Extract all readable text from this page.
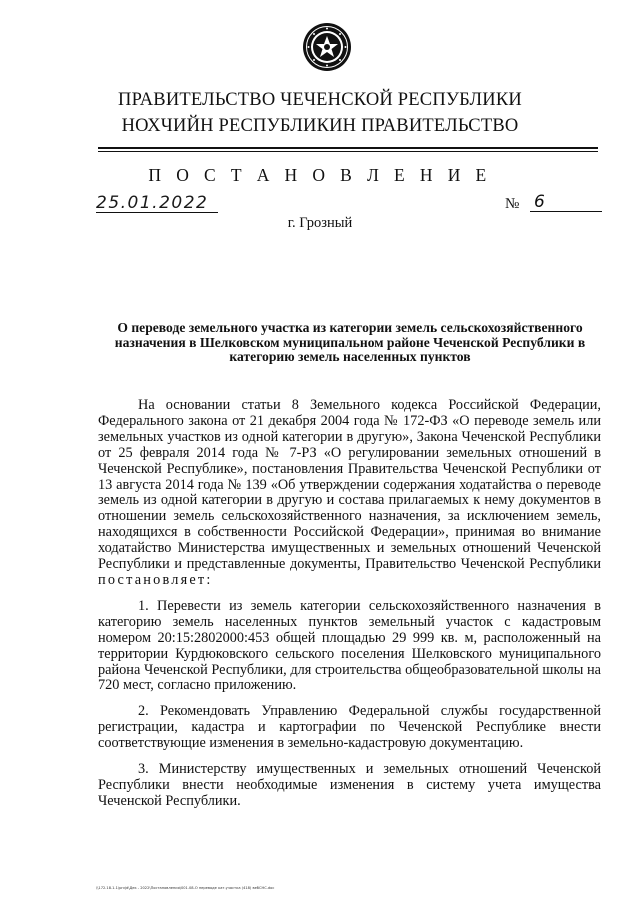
ПРАВИТЕЛЬСТВО ЧЕЧЕНСКОЙ РЕСПУБЛИКИ
НОХЧИЙН РЕСПУБЛИКИН ПРАВИТЕЛЬСТВО
П О С Т А Н О В Л Е Н И Е
25.01.2022	№ 6
г. Грозный
О переводе земельного участка из категории земель сельскохозяйственного назначения в Шелковском муниципальном районе Чеченской Республики в категорию земель населенных пунктов

На основании статьи 8 Земельного кодекса Российской Федерации, Федерального закона от 21 декабря 2004 года № 172-ФЗ «О переводе земель или земельных участков из одной категории в другую», Закона Чеченской Республики от 25 февраля 2014 года № 7-РЗ «О регулировании земельных отношений в Чеченской Республике», постановления Правительства Чеченской Республики от 13 августа 2014 года № 139 «Об утверждении содержания ходатайства о переводе земель из одной категории в другую и состава прилагаемых к нему документов в отношении земель сельскохозяйственного назначения, за исключением земель, находящихся в собственности Российской Федерации», принимая во внимание ходатайство Министерства имущественных и земельных отношений Чеченской Республики и представленные документы, Правительство Чеченской Республики постановляет:

1. Перевести из земель категории сельскохозяйственного назначения в категорию земель населенных пунктов земельный участок с кадастровым номером 20:15:2802000:453 общей площадью 29 999 кв. м, расположенный на территории Курдюковского сельского поселения Шелковского муниципального района Чеченской Республики, для строительства общеобразовательной школы на 720 мест, согласно приложению.

2. Рекомендовать Управлению Федеральной службы государственной регистрации, кадастра и картографии по Чеченской Республике внести соответствующие изменения в земельно-кадастровую документацию.

3. Министерству имущественных и земельных отношений Чеченской Республики внести необходимые изменения в систему учета имущества Чеченской Республики.

\\172.18.1.1\prvjd\Дек - 2022\Постановления\001.08-О переводе кат.участка (418) вебСНС.doc
